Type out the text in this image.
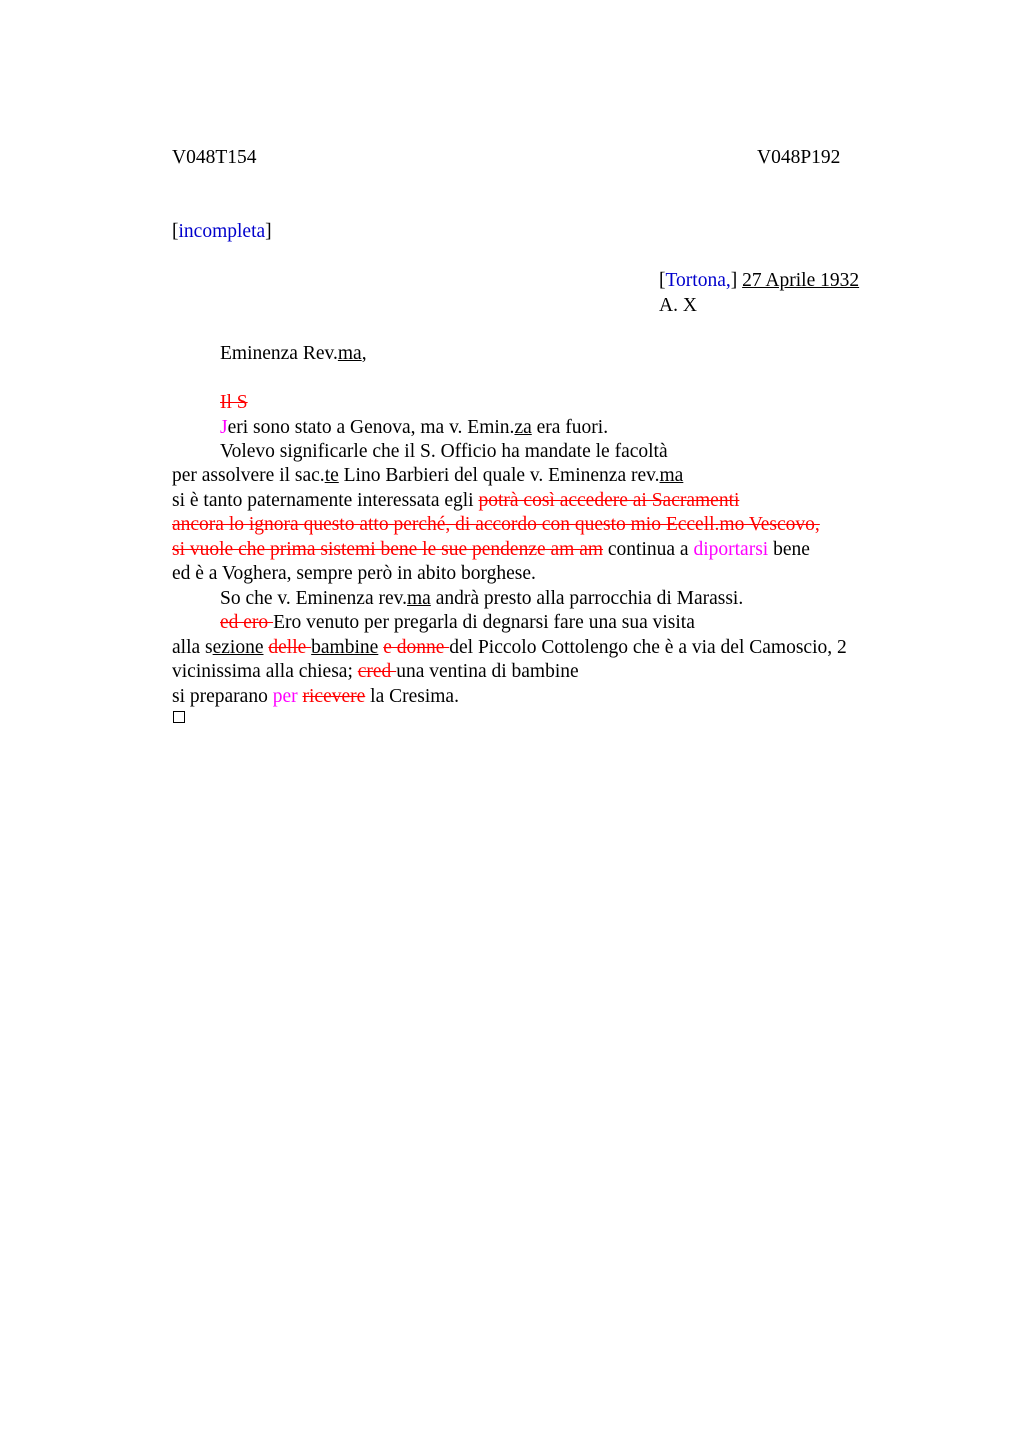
V048T154	V048P192
[incompleta]
[Tortona,] 27 Aprile 1932
A. X
Eminenza Rev.ma,
Il S
Jeri sono stato a Genova, ma v. Emin.za era fuori.
Volevo significarle che il S. Officio ha mandate le facoltà
per assolvere il sac.te Lino Barbieri del quale v. Eminenza rev.ma
si è tanto paternamente interessata egli potrà così accedere ai Sacramenti
ancora lo ignora questo atto perché, di accordo con questo mio Eccell.mo Vescovo,
si vuole che prima sistemi bene le sue pendenze am am continua a diportarsi bene
ed è a Voghera, sempre però in abito borghese.
So che v. Eminenza rev.ma andrà presto alla parrocchia di Marassi.
ed ero Ero venuto per pregarla di degnarsi fare una sua visita
alla sezione delle bambine e donne del Piccolo Cottolengo che è a via del Camoscio, 2
vicinissima alla chiesa; cred una ventina di bambine
si preparano per ricevere la Cresima.
